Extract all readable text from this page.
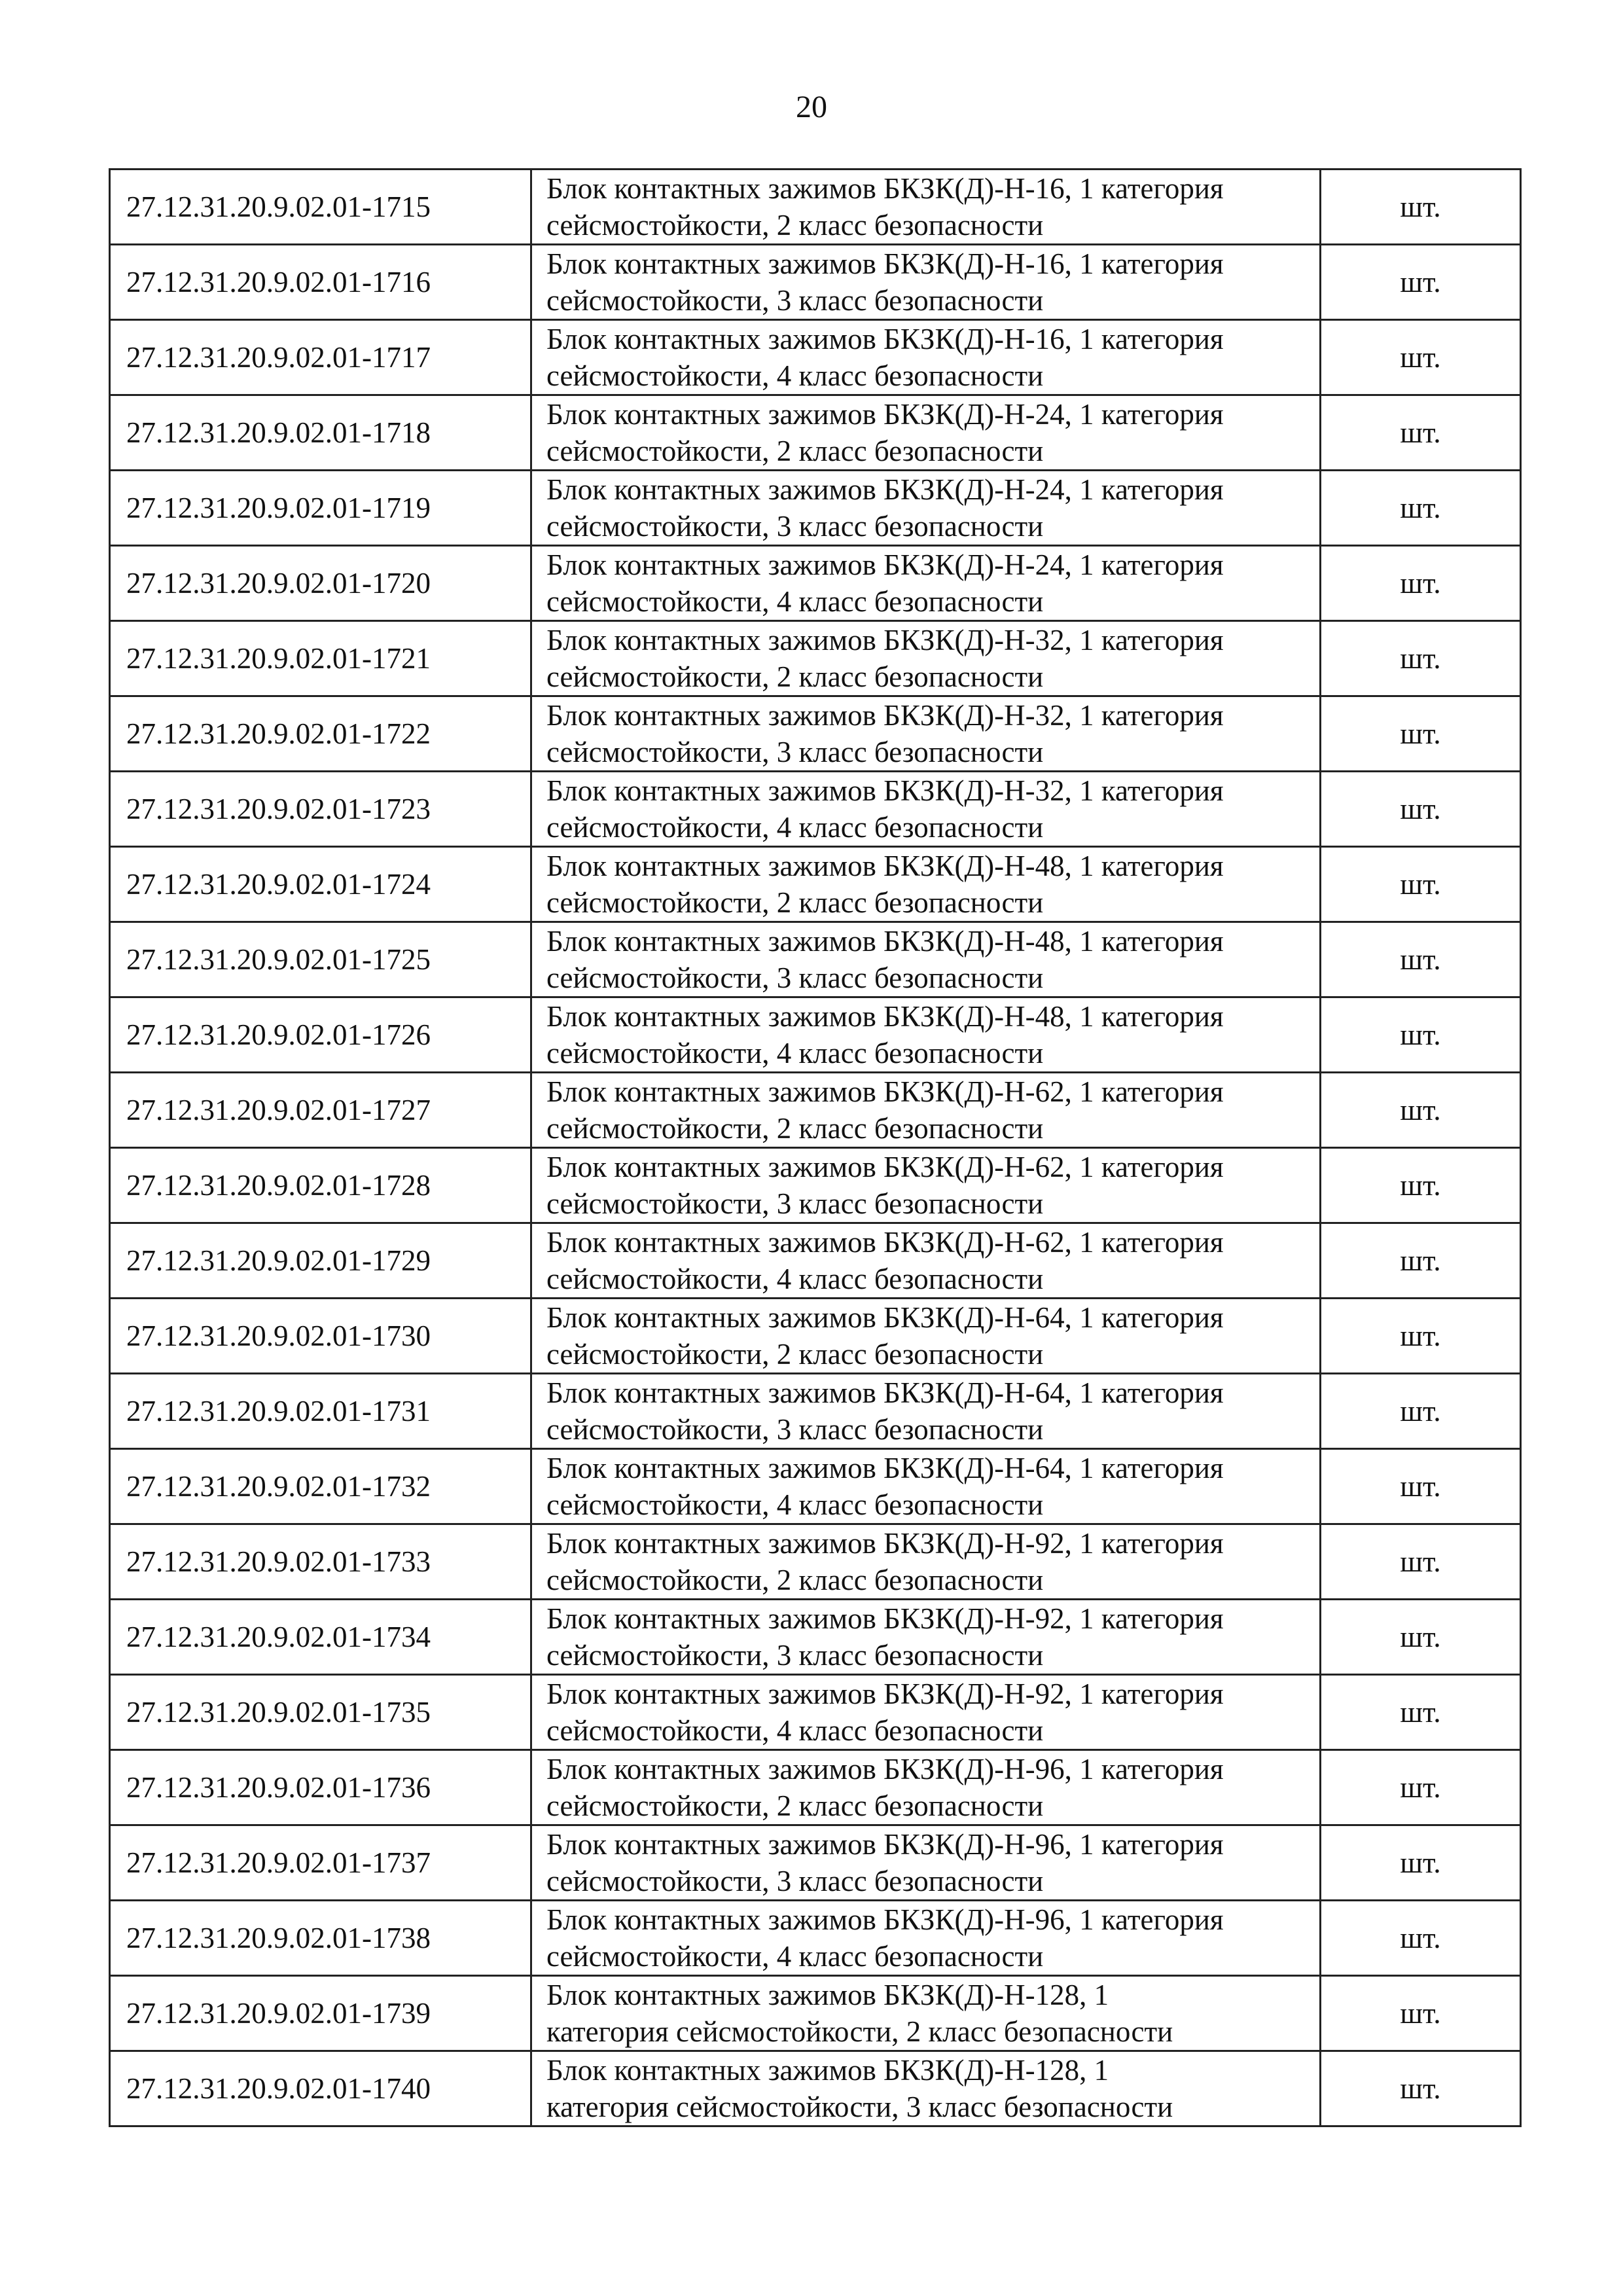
20
27.12.31.20.9.02.01-1715	Блок контактных зажимов БКЗК(Д)-Н-16, 1 категория
сейсмостойкости, 2 класс безопасности	шт.
27.12.31.20.9.02.01-1716	Блок контактных зажимов БКЗК(Д)-Н-16, 1 категория
сейсмостойкости, 3 класс безопасности	шт.
27.12.31.20.9.02.01-1717	Блок контактных зажимов БКЗК(Д)-Н-16, 1 категория
сейсмостойкости, 4 класс безопасности	шт.
27.12.31.20.9.02.01-1718	Блок контактных зажимов БКЗК(Д)-Н-24, 1 категория
сейсмостойкости, 2 класс безопасности	шт.
27.12.31.20.9.02.01-1719	Блок контактных зажимов БКЗК(Д)-Н-24, 1 категория
сейсмостойкости, 3 класс безопасности	шт.
27.12.31.20.9.02.01-1720	Блок контактных зажимов БКЗК(Д)-Н-24, 1 категория
сейсмостойкости, 4 класс безопасности	шт.
27.12.31.20.9.02.01-1721	Блок контактных зажимов БКЗК(Д)-Н-32, 1 категория
сейсмостойкости, 2 класс безопасности	шт.
27.12.31.20.9.02.01-1722	Блок контактных зажимов БКЗК(Д)-Н-32, 1 категория
сейсмостойкости, 3 класс безопасности	шт.
27.12.31.20.9.02.01-1723	Блок контактных зажимов БКЗК(Д)-Н-32, 1 категория
сейсмостойкости, 4 класс безопасности	шт.
27.12.31.20.9.02.01-1724	Блок контактных зажимов БКЗК(Д)-Н-48, 1 категория
сейсмостойкости, 2 класс безопасности	шт.
27.12.31.20.9.02.01-1725	Блок контактных зажимов БКЗК(Д)-Н-48, 1 категория
сейсмостойкости, 3 класс безопасности	шт.
27.12.31.20.9.02.01-1726	Блок контактных зажимов БКЗК(Д)-Н-48, 1 категория
сейсмостойкости, 4 класс безопасности	шт.
27.12.31.20.9.02.01-1727	Блок контактных зажимов БКЗК(Д)-Н-62, 1 категория
сейсмостойкости, 2 класс безопасности	шт.
27.12.31.20.9.02.01-1728	Блок контактных зажимов БКЗК(Д)-Н-62, 1 категория
сейсмостойкости, 3 класс безопасности	шт.
27.12.31.20.9.02.01-1729	Блок контактных зажимов БКЗК(Д)-Н-62, 1 категория
сейсмостойкости, 4 класс безопасности	шт.
27.12.31.20.9.02.01-1730	Блок контактных зажимов БКЗК(Д)-Н-64, 1 категория
сейсмостойкости, 2 класс безопасности	шт.
27.12.31.20.9.02.01-1731	Блок контактных зажимов БКЗК(Д)-Н-64, 1 категория
сейсмостойкости, 3 класс безопасности	шт.
27.12.31.20.9.02.01-1732	Блок контактных зажимов БКЗК(Д)-Н-64, 1 категория
сейсмостойкости, 4 класс безопасности	шт.
27.12.31.20.9.02.01-1733	Блок контактных зажимов БКЗК(Д)-Н-92, 1 категория
сейсмостойкости, 2 класс безопасности	шт.
27.12.31.20.9.02.01-1734	Блок контактных зажимов БКЗК(Д)-Н-92, 1 категория
сейсмостойкости, 3 класс безопасности	шт.
27.12.31.20.9.02.01-1735	Блок контактных зажимов БКЗК(Д)-Н-92, 1 категория
сейсмостойкости, 4 класс безопасности	шт.
27.12.31.20.9.02.01-1736	Блок контактных зажимов БКЗК(Д)-Н-96, 1 категория
сейсмостойкости, 2 класс безопасности	шт.
27.12.31.20.9.02.01-1737	Блок контактных зажимов БКЗК(Д)-Н-96, 1 категория
сейсмостойкости, 3 класс безопасности	шт.
27.12.31.20.9.02.01-1738	Блок контактных зажимов БКЗК(Д)-Н-96, 1 категория
сейсмостойкости, 4 класс безопасности	шт.
27.12.31.20.9.02.01-1739	Блок контактных зажимов БКЗК(Д)-Н-128, 1
категория сейсмостойкости, 2 класс безопасности	шт.
27.12.31.20.9.02.01-1740	Блок контактных зажимов БКЗК(Д)-Н-128, 1
категория сейсмостойкости, 3 класс безопасности	шт.
